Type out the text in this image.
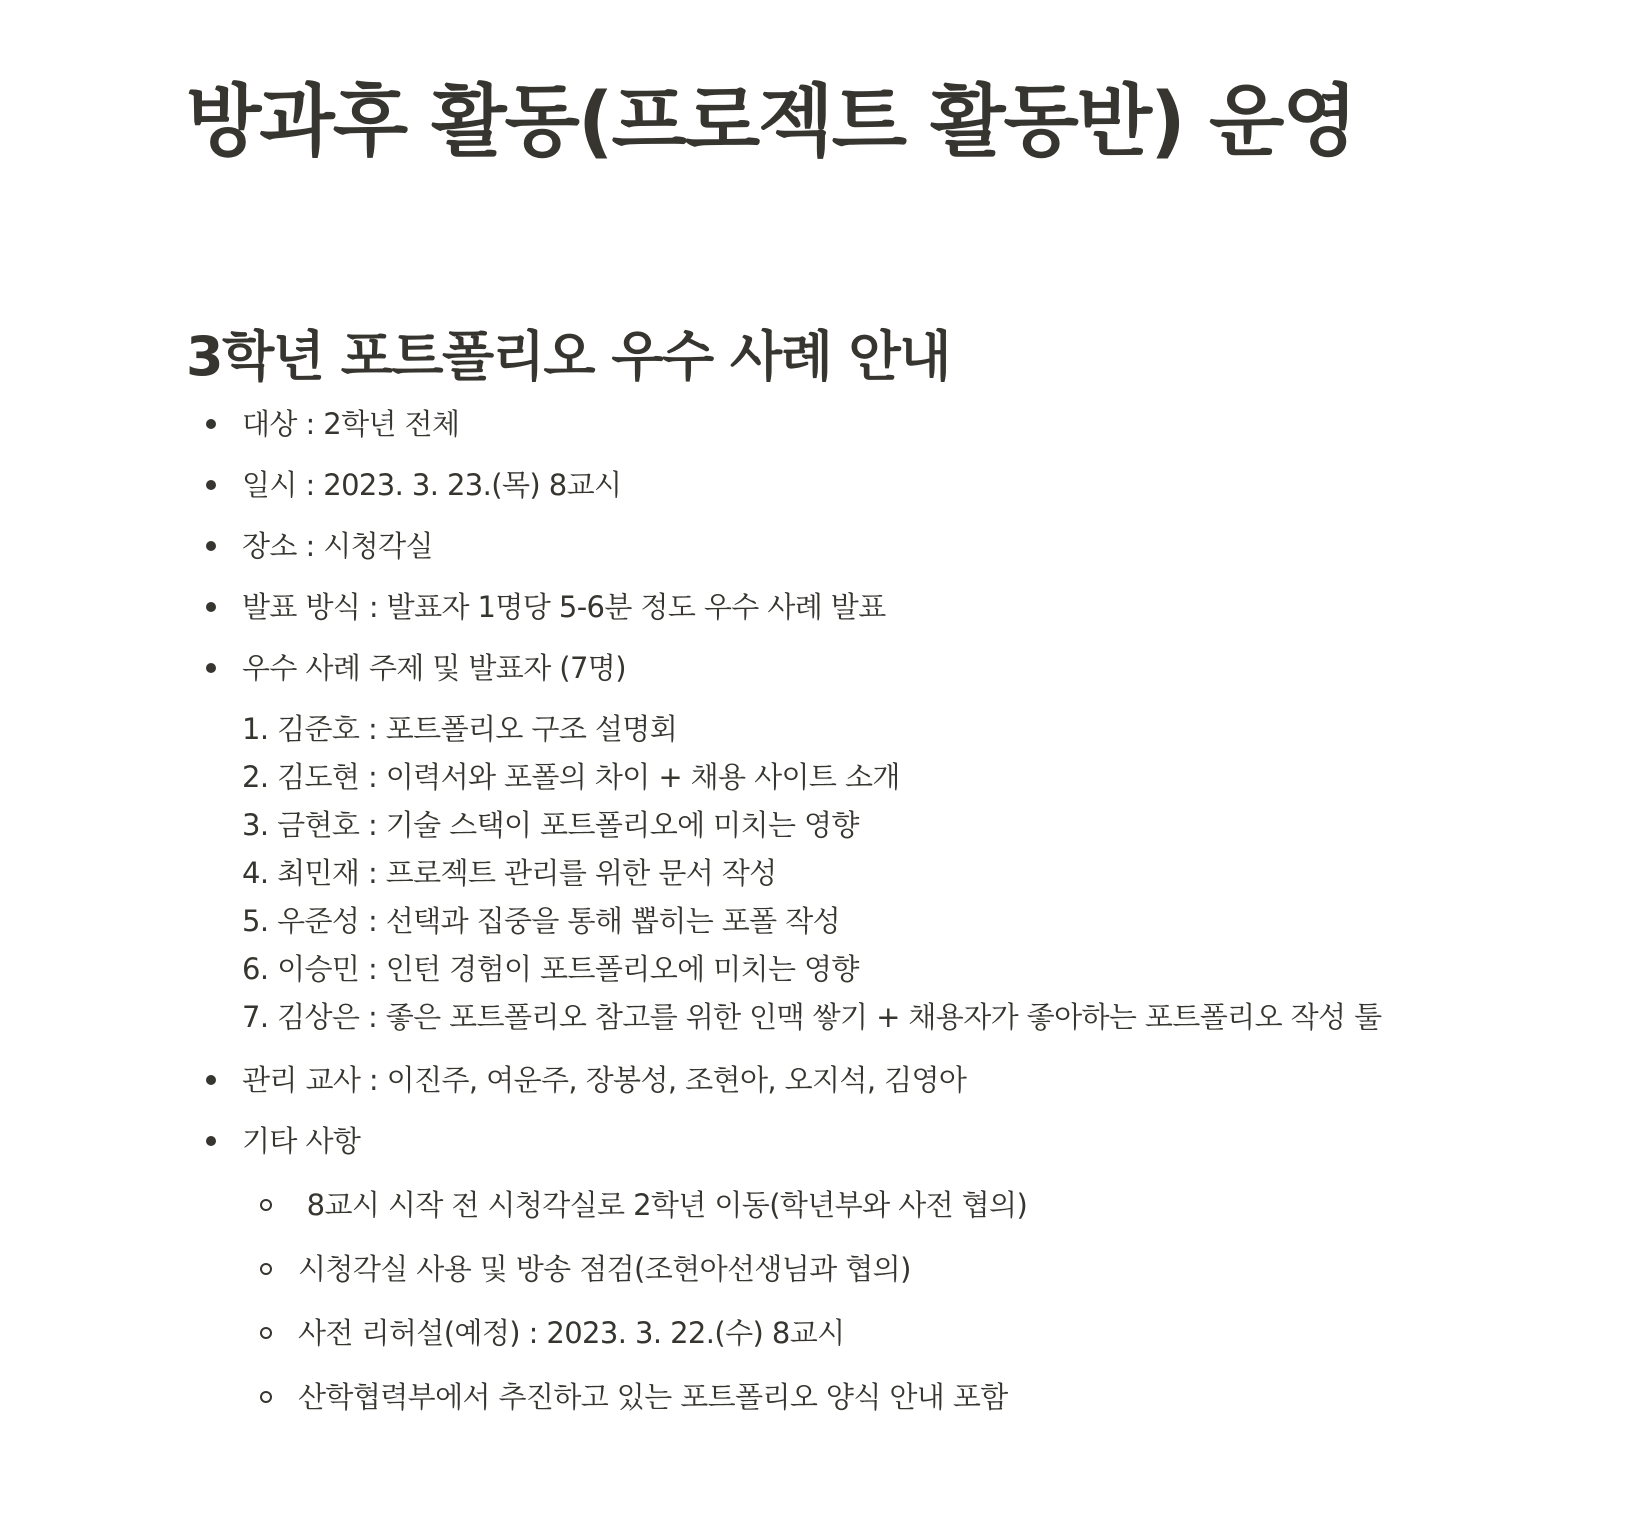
방과후 활동(프로젝트 활동반) 운영
3학년 포트폴리오 우수 사례 안내
대상 : 2학년 전체
일시 : 2023. 3. 23.(목) 8교시
장소 : 시청각실
발표 방식 : 발표자 1명당 5-6분 정도 우수 사례 발표
우수 사례 주제 및 발표자 (7명)
1. 김준호 : 포트폴리오 구조 설명회
2. 김도현 : 이력서와 포폴의 차이 + 채용 사이트 소개
3. 금현호 : 기술 스택이 포트폴리오에 미치는 영향
4. 최민재 : 프로젝트 관리를 위한 문서 작성
5. 우준성 : 선택과 집중을 통해 뽑히는 포폴 작성
6. 이승민 : 인턴 경험이 포트폴리오에 미치는 영향
7. 김상은 : 좋은 포트폴리오 참고를 위한 인맥 쌓기 + 채용자가 좋아하는 포트폴리오 작성 툴
관리 교사 : 이진주, 여운주, 장봉성, 조현아, 오지석, 김영아
기타 사항
8교시 시작 전 시청각실로 2학년 이동(학년부와 사전 협의)
시청각실 사용 및 방송 점검(조현아선생님과 협의)
사전 리허설(예정) : 2023. 3. 22.(수) 8교시
산학협력부에서 추진하고 있는 포트폴리오 양식 안내 포함
